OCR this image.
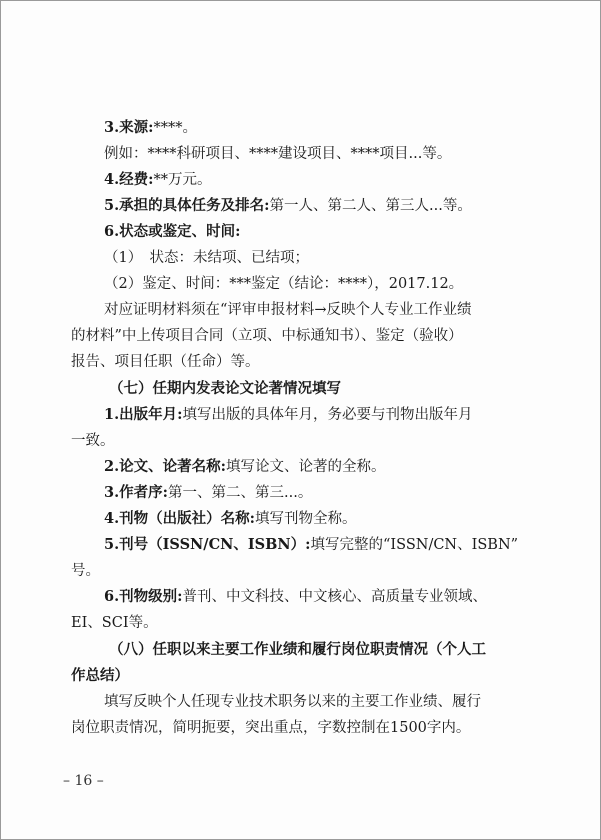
3.来源:****。
例如：****科研项目、****建设项目、****项目...等。
4.经费:**万元。
5.承担的具体任务及排名:第一人、第二人、第三人...等。
6.状态或鉴定、时间:
（1）　状态：未结项、已结项；
（2）鉴定、时间：***鉴定（结论：****），2017.12。
对应证明材料须在“评审申报材料→反映个人专业工作业绩
的材料”中上传项目合同（立项、中标通知书）、鉴定（验收）
报告、项目任职（任命）等。
（七）任期内发表论文论著情况填写
1.出版年月:填写出版的具体年月，务必要与刊物出版年月
一致。
2.论文、论著名称:填写论文、论著的全称。
3.作者序:第一、第二、第三...。
4.刊物（出版社）名称:填写刊物全称。
5.刊号（ISSN/CN、ISBN）:填写完整的“ISSN/CN、ISBN”
号。
6.刊物级别:普刊、中文科技、中文核心、高质量专业领域、
EI、SCI等。
（八）任职以来主要工作业绩和履行岗位职责情况（个人工
作总结）
填写反映个人任现专业技术职务以来的主要工作业绩、履行
岗位职责情况，简明扼要，突出重点，字数控制在1500字内。
– 16 –
